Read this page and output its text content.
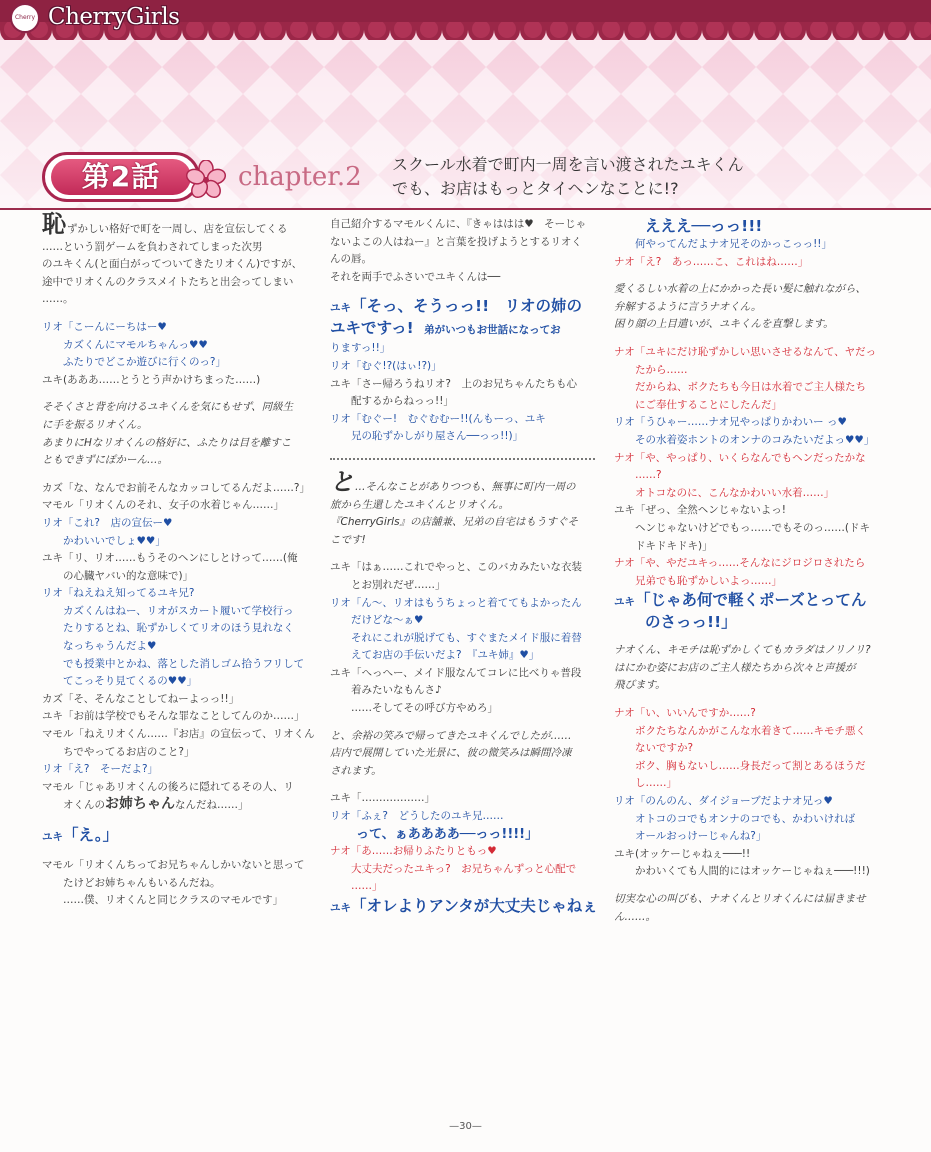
Cherry CherryGirls
第2話	chapter.2 スクール水着で町内一周を言い渡されたユキくん
でも、お店はもっとタイヘンなことに!?

恥ずかしい格好で町を一周し、店を宣伝してくる

……という罰ゲームを負わされてしまった次男

のユキくん(と面白がってついてきたリオくん)ですが、

途中でリオくんのクラスメイトたちと出会ってしまい

……。

リオ「こーんにーちはー♥

　　カズくんにマモルちゃんっ♥♥

　　ふたりでどこか遊びに行くのっ?」

ユキ(あああ……とうとう声かけちまった……)

そそくさと背を向けるユキくんを気にもせず、同級生

に手を振るリオくん。

あまりにHなリオくんの格好に、ふたりは目を離すこ

ともできずにぽかーん…。

カズ「な、なんでお前そんなカッコしてるんだよ……?」

マモル「リオくんのそれ、女子の水着じゃん……」

リオ「これ?　店の宣伝ー♥

　　かわいいでしょ♥♥」

ユキ「リ、リオ……もうそのヘンにしとけって……(俺

　　の心臓ヤバい的な意味で)」

リオ「ねえねえ知ってるユキ兄?

　　カズくんはねー、リオがスカート履いて学校行っ

　　たりするとね、恥ずかしくてリオのほう見れなく

　　なっちゃうんだよ♥

　　でも授業中とかね、落とした消しゴム拾うフリして

　　てこっそり見てくるの♥♥」

カズ「そ、そんなことしてねーよっっ!!」

ユキ「お前は学校でもそんな罪なことしてんのか……」

マモル「ねえリオくん……『お店』の宣伝って、リオくん

　　ちでやってるお店のこと?」

リオ「え?　そーだよ?」

マモル「じゃあリオくんの後ろに隠れてるその人、リ

　　オくんのお姉ちゃんなんだね……」

ユキ「え。」

マモル「リオくんちってお兄ちゃんしかいないと思って

　　たけどお姉ちゃんもいるんだね。

　　……僕、リオくんと同じクラスのマモルです」

自己紹介するマモルくんに、『きゃははは♥　そーじゃ

ないよこの人はねー』と言葉を投げようとするリオく

んの唇。

それを両手でふさいでユキくんは──

ユキ「そっ、そうっっ!!　リオの姉の

ユキですっ!　弟がいつもお世話になってお

りますっ!!」

リオ「むぐ!?(はぃ!?)」

ユキ「さー帰ろうねリオ?　上のお兄ちゃんたちも心

　　配するからねっっ!!」

リオ「むぐー!　むぐむむー!!(んもーっ、ユキ

　　兄の恥ずかしがり屋さん──っっ!!)」

と…そんなことがありつつも、無事に町内一周の

旅から生還したユキくんとリオくん。

『CherryGirls』の店舗兼、兄弟の自宅はもうすぐそ

こです!

ユキ「はぁ……これでやっと、このバカみたいな衣装

　　とお別れだぜ……」

リオ「ん～、リオはもうちょっと着ててもよかったん

　　だけどな～ぁ♥

　　それにこれが脱げても、すぐまたメイド服に着替

　　えてお店の手伝いだよ?　『ユキ姉』♥」

ユキ「へっへー、メイド服なんてコレに比べりゃ普段

　　着みたいなもんさ♪

　　……そしてその呼び方やめろ」

と、余裕の笑みで帰ってきたユキくんでしたが……

店内で展開していた光景に、彼の微笑みは瞬間冷凍

されます。

ユキ「………………」

リオ「ふぇ?　どうしたのユキ兄……

　　って、ぁああああ──っっ!!!!」

ナオ「あ……お帰りふたりともっ♥

　　大丈夫だったユキっ?　お兄ちゃんずっと心配で

　　……」

ユキ「オレよりアンタが大丈夫じゃねぇ

　　えええ──っっ!!!

　　何やってんだよナオ兄そのかっこっっ!!」

ナオ「え?　あっ……こ、これはね……」

愛くるしい水着の上にかかった長い髪に触れながら、

弁解するように言うナオくん。

困り顔の上目遣いが、ユキくんを直撃します。

ナオ「ユキにだけ恥ずかしい思いさせるなんて、ヤだっ

　　たから……

　　だからね、ボクたちも今日は水着でご主人様たち

　　にご奉仕することにしたんだ」

リオ「うひゃー……ナオ兄やっぱりかわいー っ♥

　　その水着姿ホントのオンナのコみたいだよっ♥♥」

ナオ「や、やっぱり、いくらなんでもヘンだったかな

　　……?

　　オトコなのに、こんなかわいい水着……」

ユキ「ぜっ、全然ヘンじゃないよっ!

　　ヘンじゃないけどでもっ……でもそのっ……(ドキ

　　ドキドキドキ)」

ナオ「や、やだユキっ……そんなにジロジロされたら

　　兄弟でも恥ずかしいよっ……」

ユキ「じゃあ何で軽くポーズとってん

　　のさっっ!!」

ナオくん、キモチは恥ずかしくてもカラダはノリノリ?

はにかむ姿にお店のご主人様たちから次々と声援が

飛びます。

ナオ「い、いいんですか……?

　　ボクたちなんかがこんな水着きて……キモチ悪く

　　ないですか?

　　ボク、胸もないし……身長だって割とあるほうだ

　　し……」

リオ「のんのん、ダイジョーブだよナオ兄っ♥

　　オトコのコでもオンナのコでも、かわいければ

　　オールおっけーじゃんね?」

ユキ(オッケーじゃねぇ───!!

　　かわいくても人間的にはオッケーじゃねぇ───!!!)

切実な心の叫びも、ナオくんとリオくんには届きませ

ん……。

—30—
